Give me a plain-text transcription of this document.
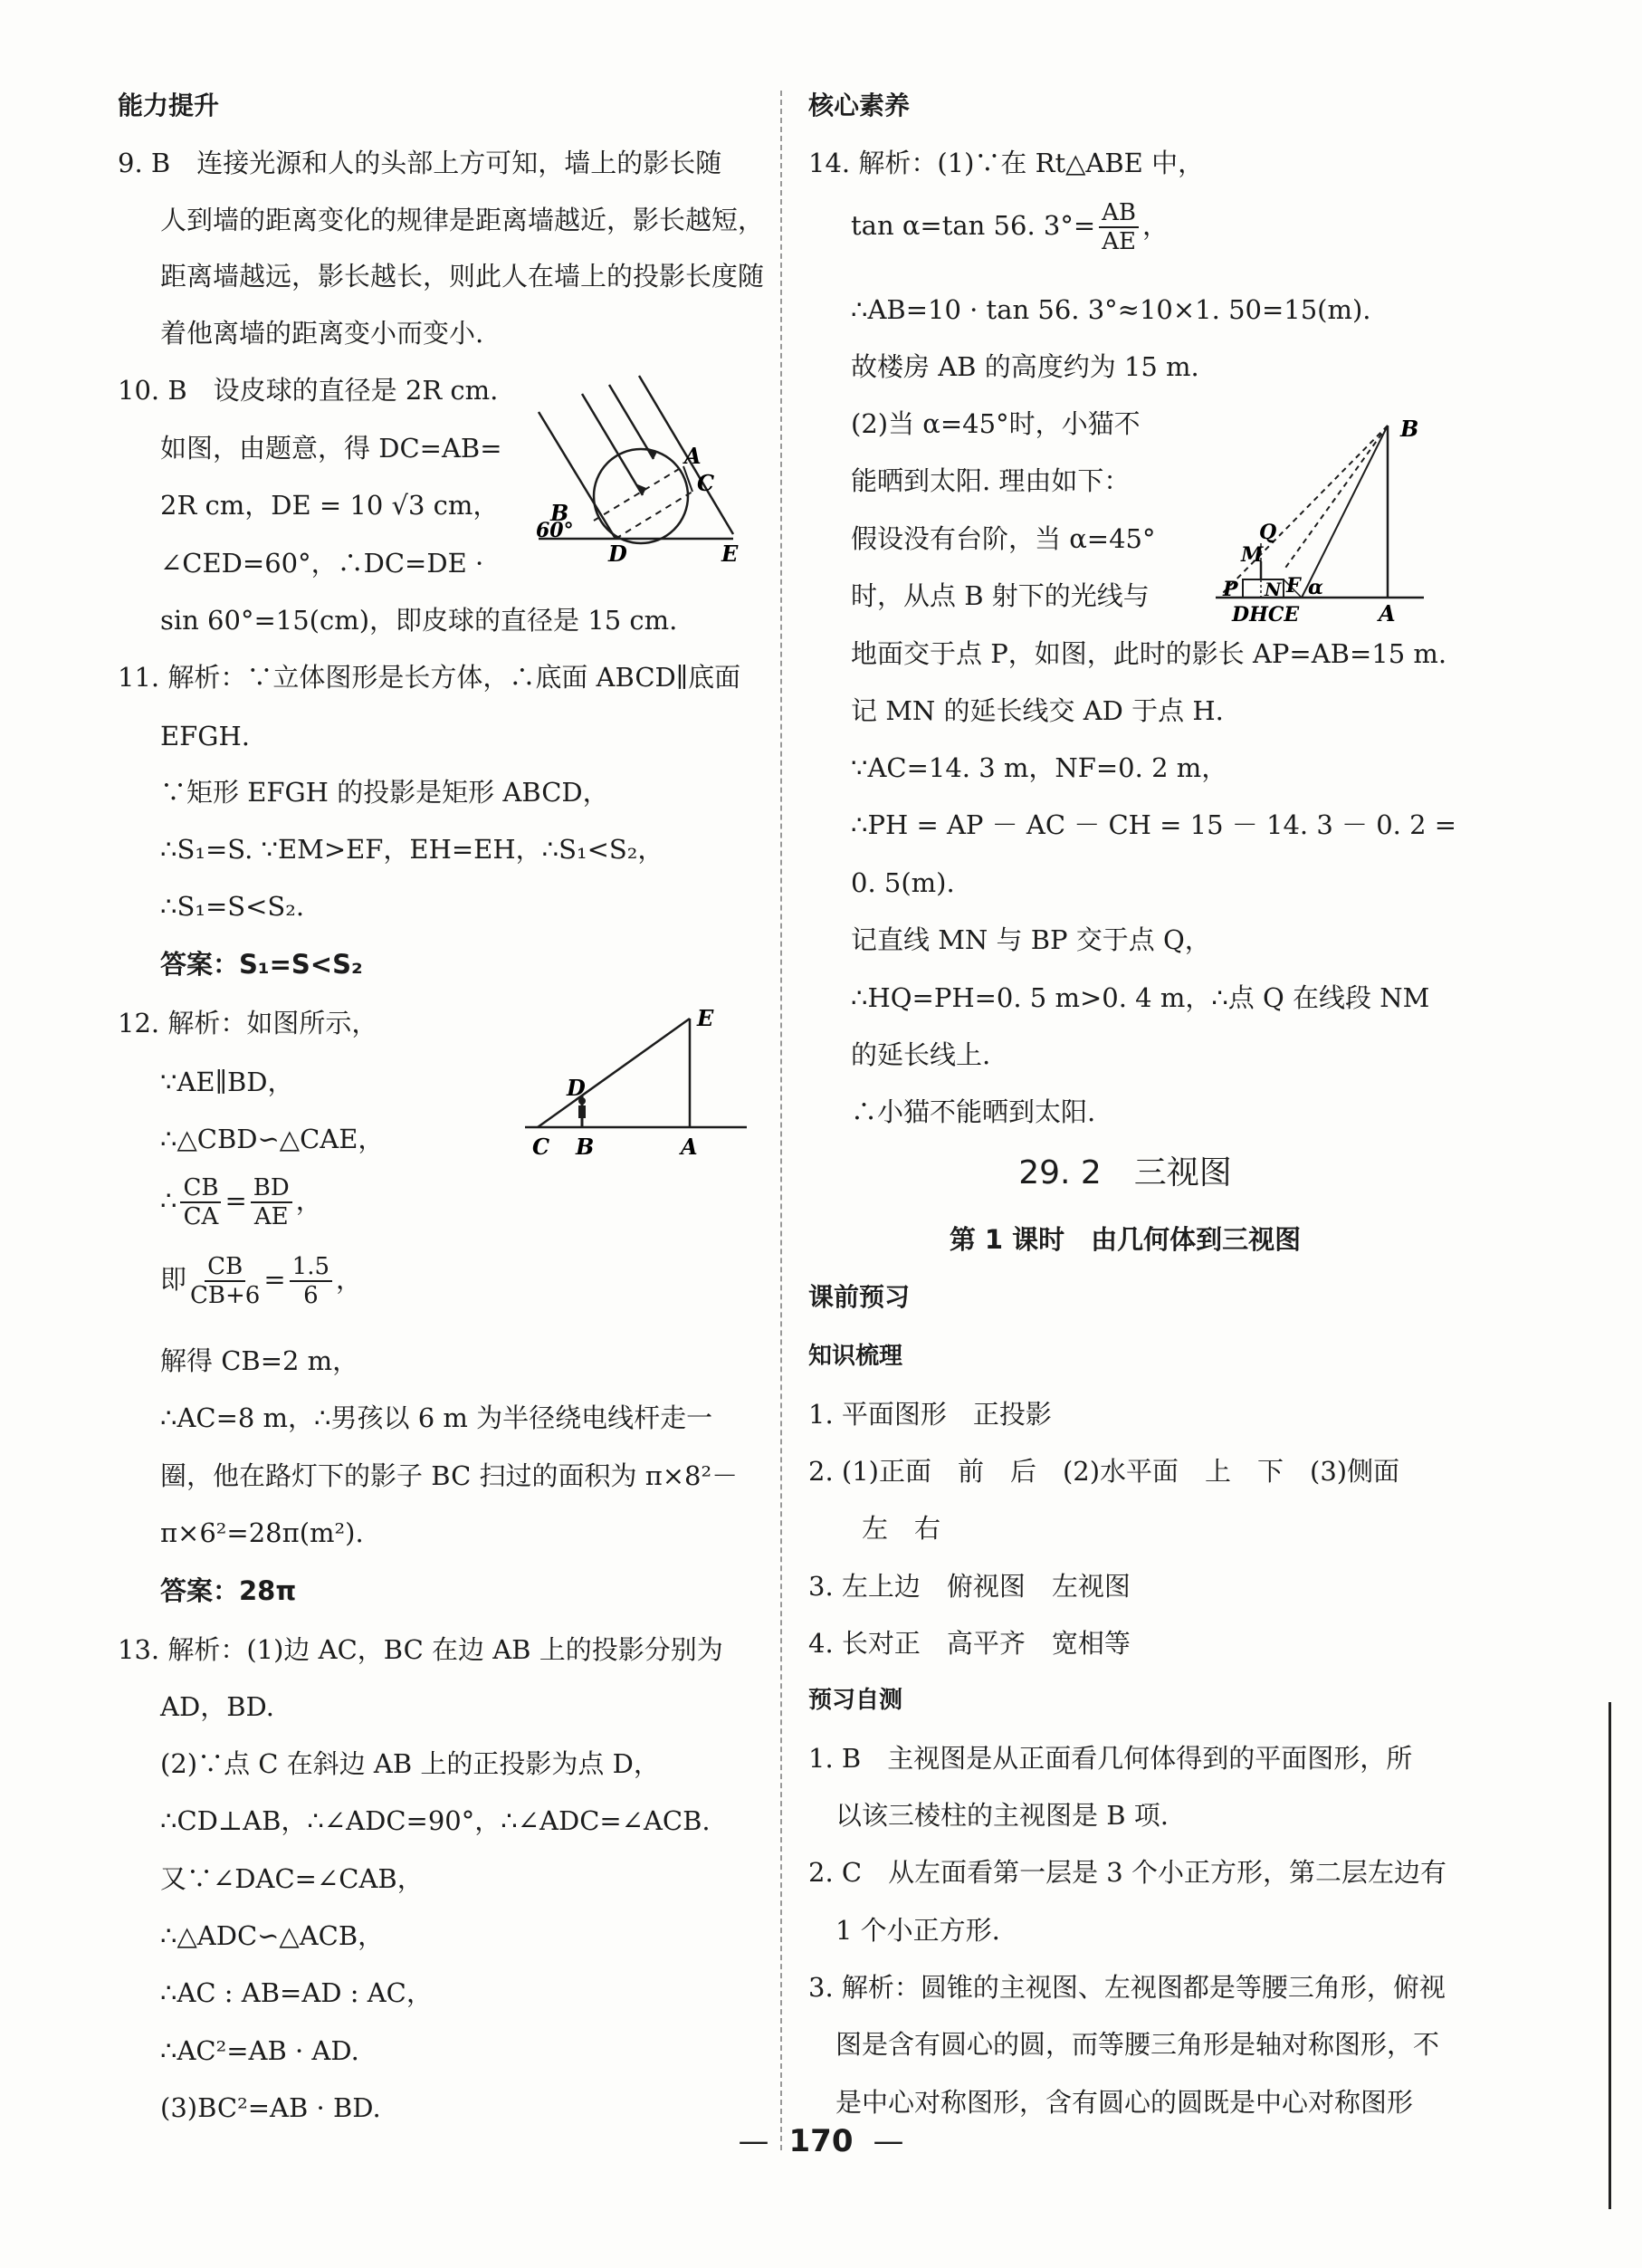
能力提升
9. B　连接光源和人的头部上方可知，墙上的影长随
人到墙的距离变化的规律是距离墙越近，影长越短，
距离墙越远，影长越长，则此人在墙上的投影长度随
着他离墙的距离变小而变小.
10. B　设皮球的直径是 2R cm.
如图，由题意，得 DC=AB=
2R cm，DE = 10 √3 cm，
∠CED=60°，∴DC=DE ·
sin 60°=15(cm)，即皮球的直径是 15 cm.
B
60°
D	E
A
C
11. 解析：∵立体图形是长方体，∴底面 ABCD∥底面
EFGH.
∵矩形 EFGH 的投影是矩形 ABCD，
∴S₁=S. ∵EM>EF，EH=EH，∴S₁<S₂，
∴S₁=S<S₂.
答案：S₁=S<S₂
12. 解析：如图所示，
∵AE∥BD，
∴△CBD∽△CAE，
E
D
C B	A
∴ $\frac{CB}{CA} = \frac{BD}{AE}$ ，
即 $\frac{CB}{CB+6} = \frac{1.5}{6}$ ，
解得 CB=2 m，
∴AC=8 m，∴男孩以 6 m 为半径绕电线杆走一
圈，他在路灯下的影子 BC 扫过的面积为 π×8²－
π×6²=28π(m²).
答案：28π
13. 解析：(1)边 AC，BC 在边 AB 上的投影分别为
AD，BD.
(2)∵点 C 在斜边 AB 上的正投影为点 D，
∴CD⊥AB，∴∠ADC=90°，∴∠ADC=∠ACB.
又∵∠DAC=∠CAB，
∴△ADC∽△ACB，
∴AC : AB=AD : AC，
∴AC²=AB · AD.
(3)BC²=AB · BD.
核心素养
14. 解析：(1)∵在 Rt△ABE 中，
tan α=tan 56. $3^\circ= \frac{AB}{AE}$ ，
∴AB=10 · tan 56. 3°≈10×1. 50=15(m).
故楼房 AB 的高度约为 15 m.
(2)当 α=45°时，小猫不
能晒到太阳. 理由如下：
假设没有台阶，当 α=45°
时，从点 B 射下的光线与
B
Q
M
P N F α
DHCE	A
地面交于点 P，如图，此时的影长 AP=AB=15 m.
记 MN 的延长线交 AD 于点 H.
∵AC=14. 3 m，NF=0. 2 m，
∴PH = AP － AC － CH = 15 － 14. 3 － 0. 2 =
0. 5(m).
记直线 MN 与 BP 交于点 Q，
∴HQ=PH=0. 5 m>0. 4 m，∴点 Q 在线段 NM
的延长线上.
∴小猫不能晒到太阳.
29. 2　三视图
第 1 课时　由几何体到三视图
课前预习
知识梳理
1. 平面图形　正投影
2. (1)正面　前　后　(2)水平面　上　下　(3)侧面
　左　右
3. 左上边　俯视图　左视图
4. 长对正　高平齐　宽相等
预习自测
1. B　主视图是从正面看几何体得到的平面图形，所
以该三棱柱的主视图是 B 项.
2. C　从左面看第一层是 3 个小正方形，第二层左边有
1 个小正方形.
3. 解析：圆锥的主视图、左视图都是等腰三角形，俯视
图是含有圆心的圆，而等腰三角形是轴对称图形，不
是中心对称图形，含有圆心的圆既是中心对称图形
— 170 —
